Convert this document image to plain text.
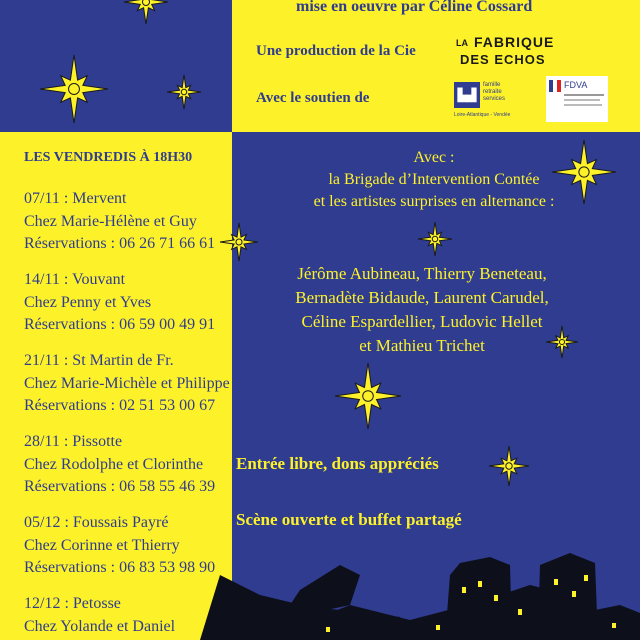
mise en oeuvre par Céline Cossard
Une production de la Cie
Avec le soutien de
LA FABRIQUE
DES ECHOS
▙▟
famille
retraite
services
Loire-Atlantique - Vendée
FDVA
LES VENDREDIS À 18H30
07/11 : Mervent
Chez Marie-Hélène et Guy
Réservations : 06 26 71 66 61
14/11 : Vouvant
Chez Penny et Yves
Réservations : 06 59 00 49 91
21/11 : St Martin de Fr.
Chez Marie-Michèle et Philippe
Réservations : 02 51 53 00 67
28/11 : Pissotte
Chez Rodolphe et Clorinthe
Réservations : 06 58 55 46 39
05/12 : Foussais Payré
Chez Corinne et Thierry
Réservations : 06 83 53 98 90
12/12 : Petosse
Chez Yolande et Daniel
Avec :
la Brigade d’Intervention Contée
et les artistes surprises en alternance :
Jérôme Aubineau, Thierry Beneteau,
Bernadète Bidaude, Laurent Carudel,
Céline Espardellier, Ludovic Hellet
et Mathieu Trichet
Entrée libre, dons appréciés
Scène ouverte et buffet partagé
